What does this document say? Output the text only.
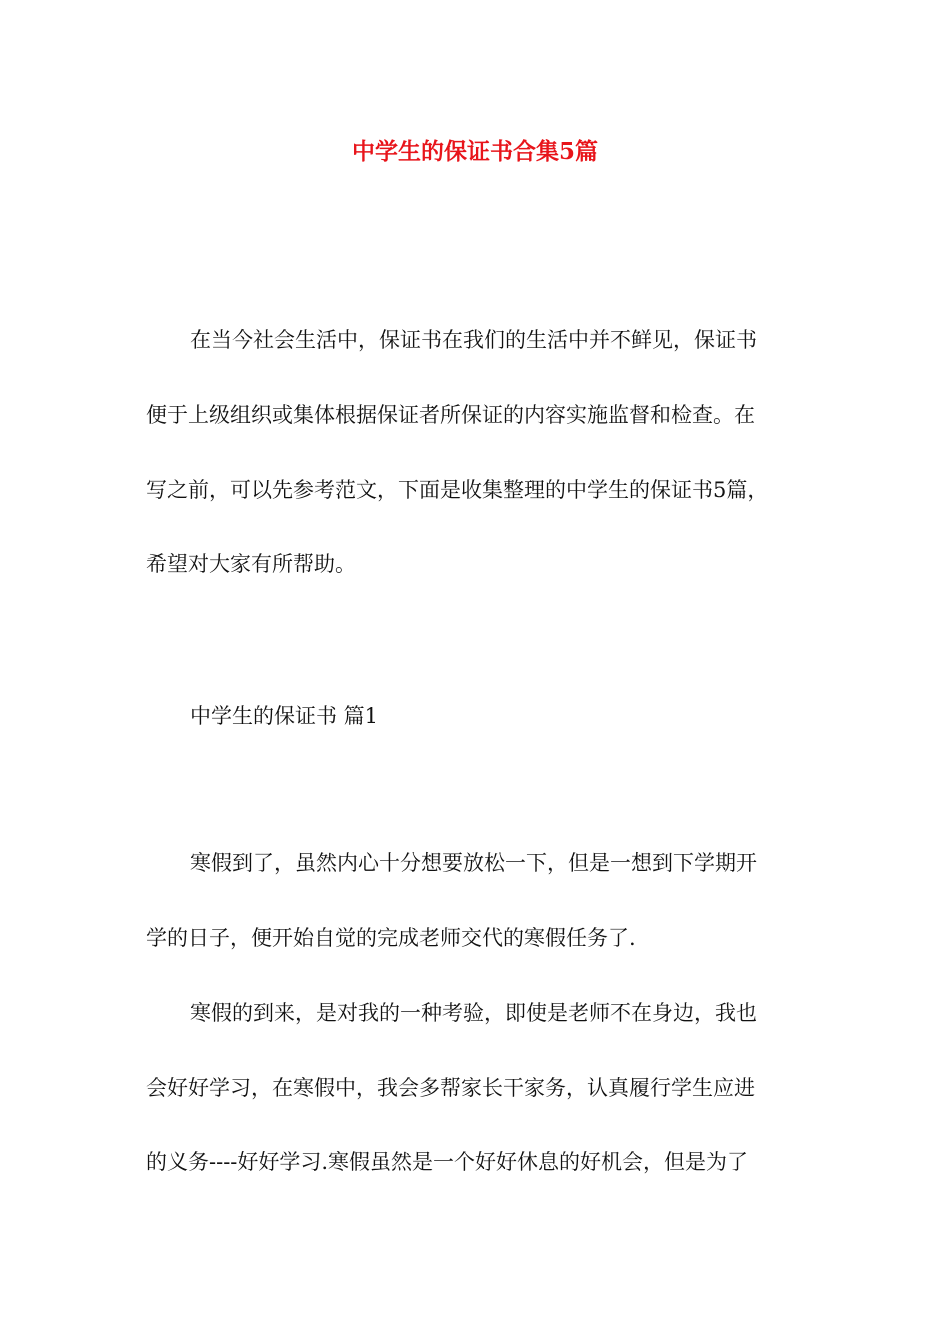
中学生的保证书合集5篇
在当今社会生活中，保证书在我们的生活中并不鲜见，保证书
便于上级组织或集体根据保证者所保证的内容实施监督和检查。在
写之前，可以先参考范文，下面是收集整理的中学生的保证书5篇，
希望对大家有所帮助。
中学生的保证书 篇1
寒假到了，虽然内心十分想要放松一下，但是一想到下学期开
学的日子，便开始自觉的完成老师交代的寒假任务了.
寒假的到来，是对我的一种考验，即使是老师不在身边，我也
会好好学习，在寒假中，我会多帮家长干家务，认真履行学生应进
的义务----好好学习.寒假虽然是一个好好休息的好机会，但是为了
